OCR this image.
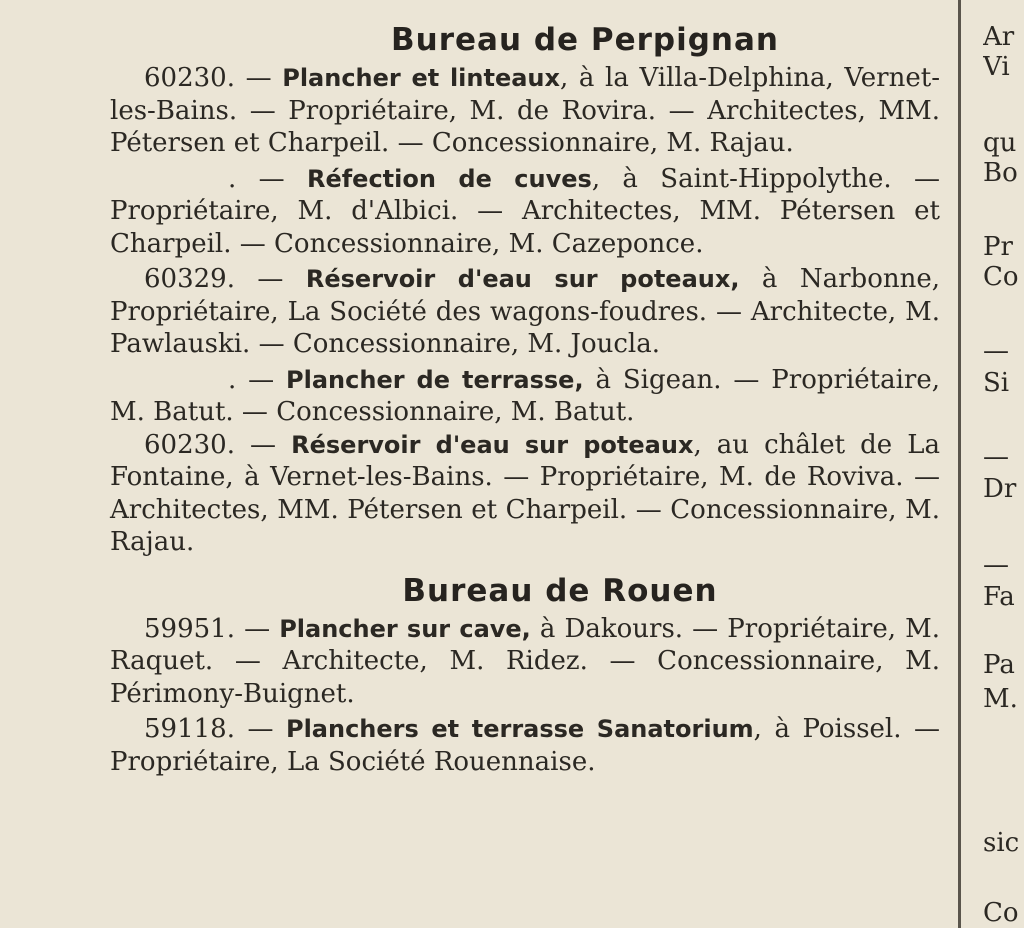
Bureau de Perpignan

60230. — Plancher et linteaux, à la Villa-Delphina, Vernet-les-Bains. — Propriétaire, M. de Rovira. — Architectes, MM. Pétersen et Charpeil. — Concessionnaire, M. Rajau.

. — Réfection de cuves, à Saint-Hippolythe. — Propriétaire, M. d'Albici. — Architectes, MM. Pétersen et Charpeil. — Concessionnaire, M. Cazeponce.

60329. — Réservoir d'eau sur poteaux, à Narbonne, Propriétaire, La Société des wagons-foudres. — Architecte, M. Pawlauski. — Concessionnaire, M. Joucla.

. — Plancher de terrasse, à Sigean. — Propriétaire, M. Batut. — Concessionnaire, M. Batut.

60230. — Réservoir d'eau sur poteaux, au châlet de La Fontaine, à Vernet-les-Bains. — Propriétaire, M. de Roviva. — Architectes, MM. Pétersen et Charpeil. — Concessionnaire, M. Rajau.

Bureau de Rouen

59951. — Plancher sur cave, à Dakours. — Propriétaire, M. Raquet. — Architecte, M. Ridez. — Concessionnaire, M. Périmony-Buignet.

59118. — Planchers et terrasse Sanatorium, à Poissel. — Propriétaire, La Société Rouennaise.

Ar
Vi
qu
Bo
Pr
Co
—
Si
—
Dr
—
Fa
Pa
M.
sic
Co
